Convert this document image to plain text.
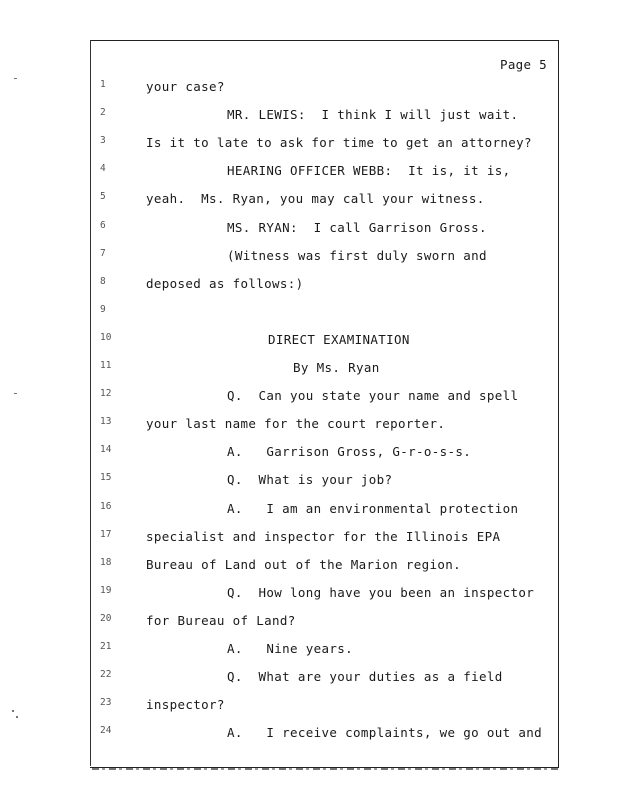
Page 5
1	your case?
2	MR. LEWIS:  I think I will just wait.
3	Is it to late to ask for time to get an attorney?
4	HEARING OFFICER WEBB:  It is, it is,
5	yeah.  Ms. Ryan, you may call your witness.
6	MS. RYAN:  I call Garrison Gross.
7	(Witness was first duly sworn and
8	deposed as follows:)
9
10	DIRECT EXAMINATION
11	By Ms. Ryan
12	Q.  Can you state your name and spell
13	your last name for the court reporter.
14	A.   Garrison Gross, G-r-o-s-s.
15	Q.  What is your job?
16	A.   I am an environmental protection
17	specialist and inspector for the Illinois EPA
18	Bureau of Land out of the Marion region.
19	Q.  How long have you been an inspector
20	for Bureau of Land?
21	A.   Nine years.
22	Q.  What are your duties as a field
23	inspector?
24	A.   I receive complaints, we go out and
